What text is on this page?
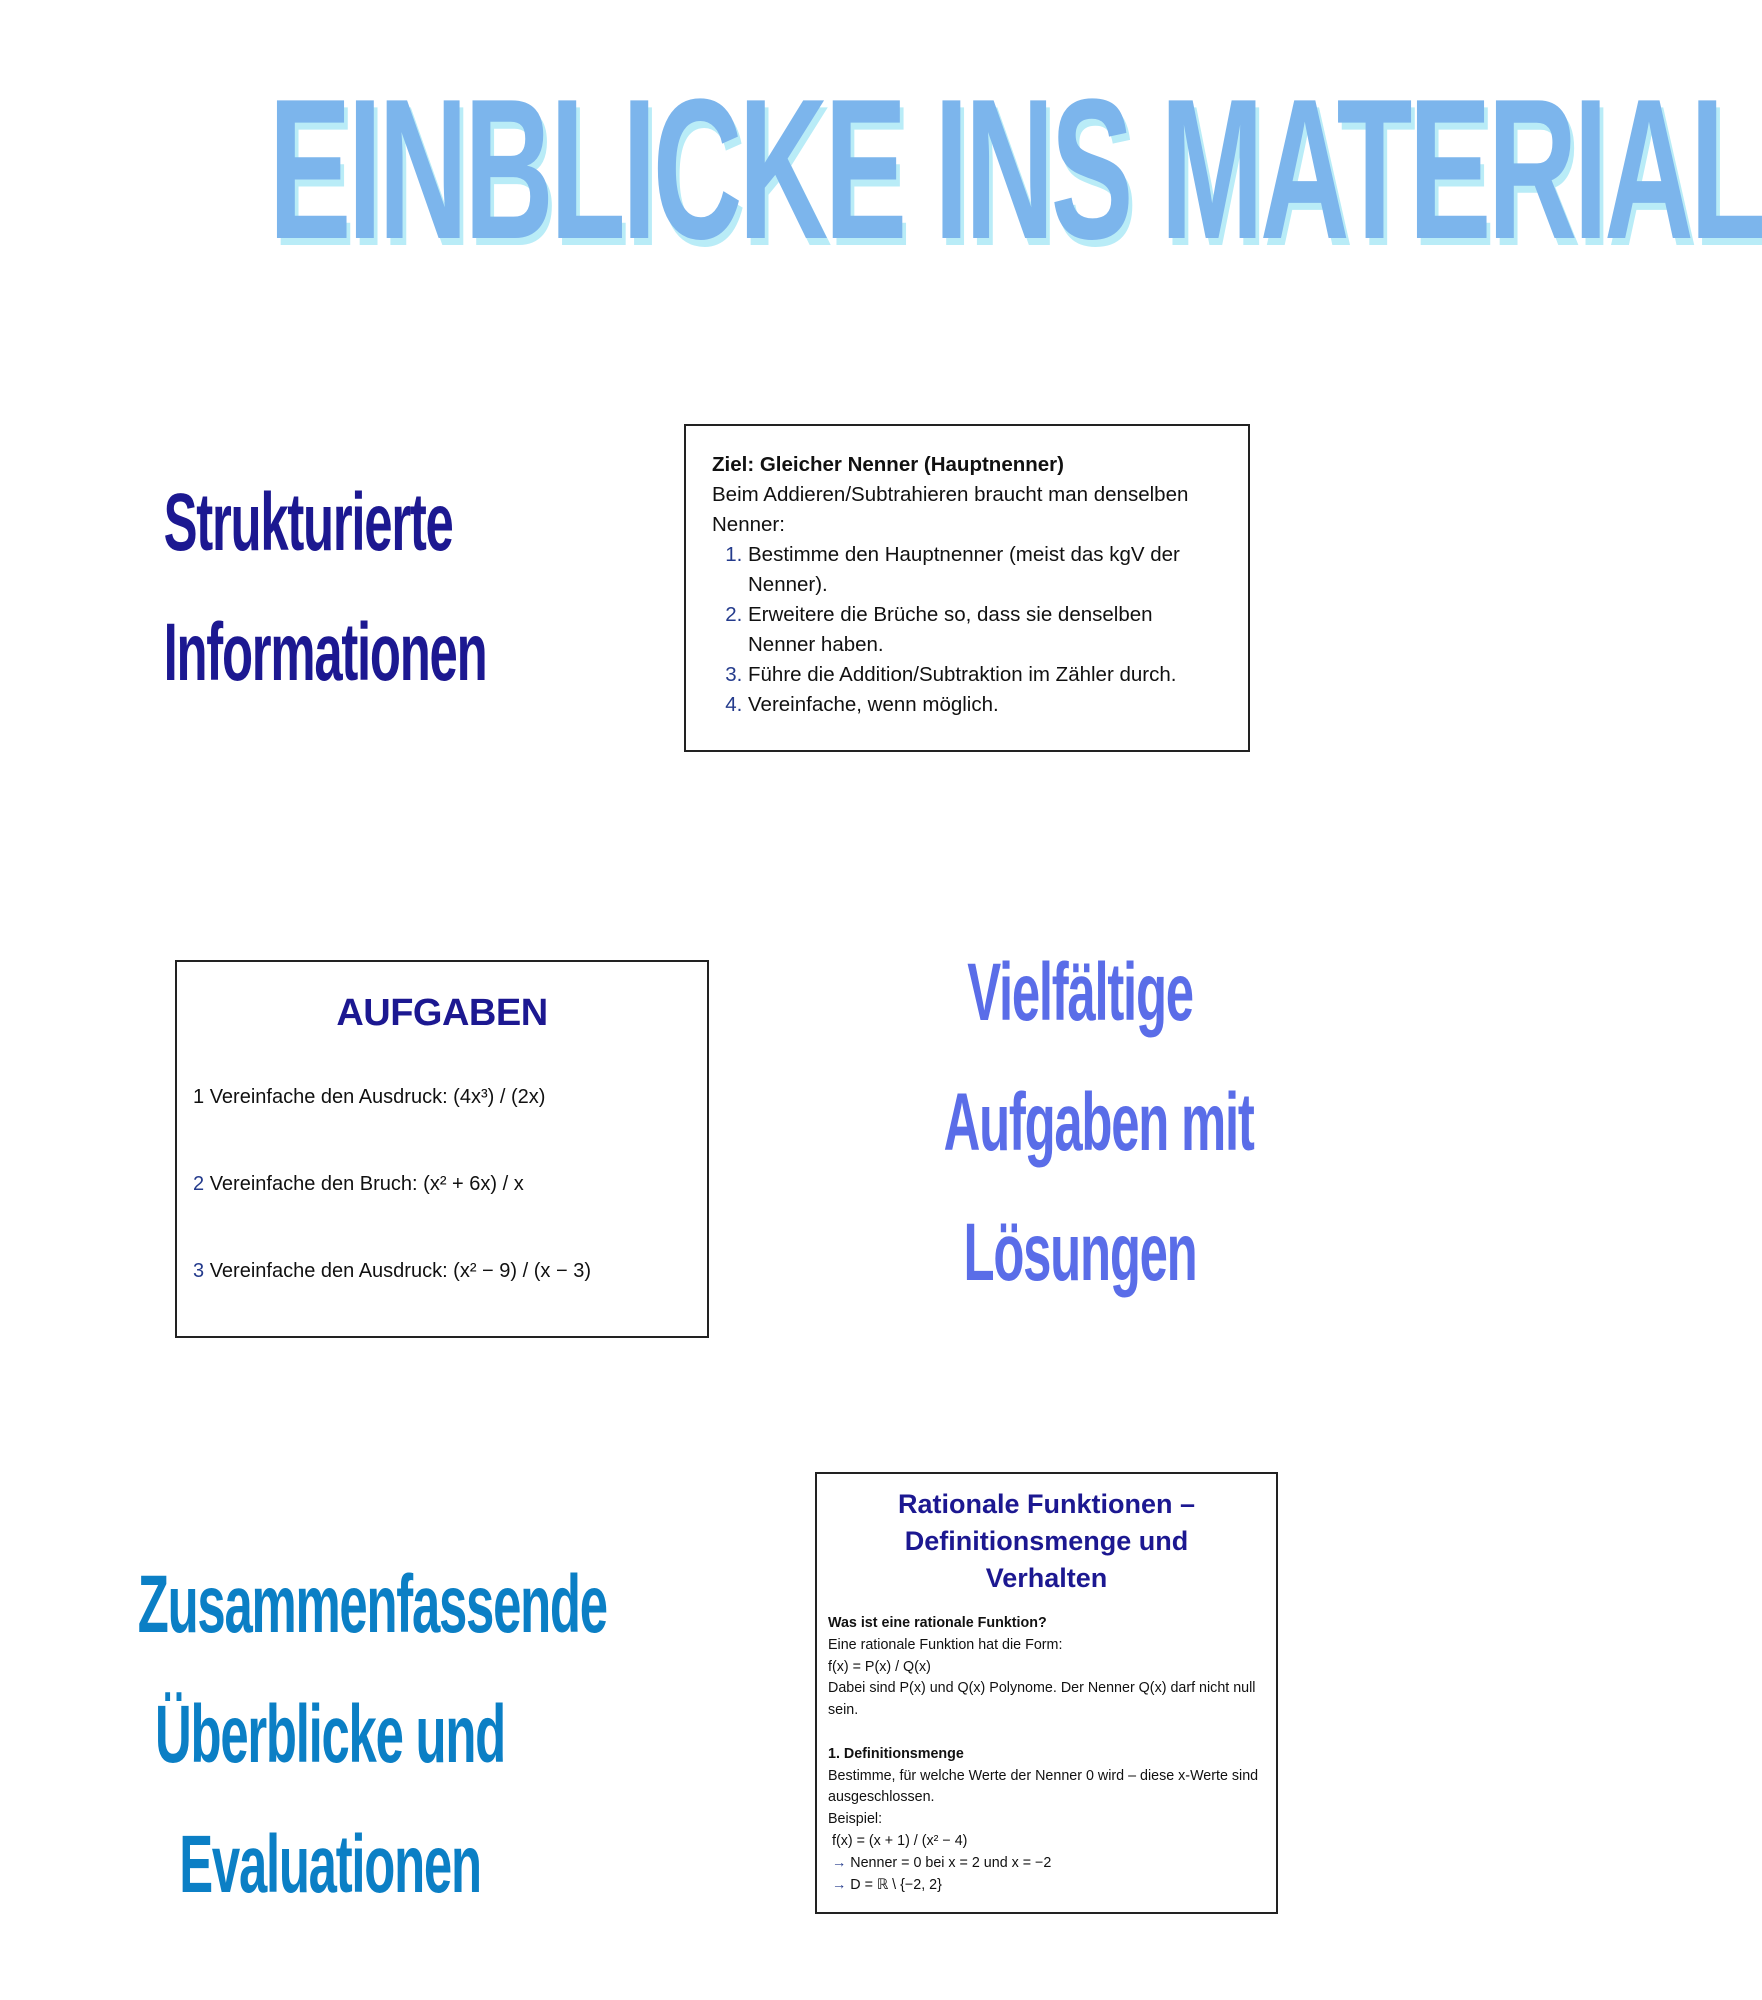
EINBLICKE INS MATERIAL
Strukturierte
Informationen
Ziel: Gleicher Nenner (Hauptnenner)
Beim Addieren/Subtrahieren braucht man denselben Nenner:
1. Bestimme den Hauptnenner (meist das kgV der Nenner).
2. Erweitere die Brüche so, dass sie denselben Nenner haben.
3. Führe die Addition/Subtraktion im Zähler durch.
4. Vereinfache, wenn möglich.
AUFGABEN
1 Vereinfache den Ausdruck: (4x³) / (2x)
2 Vereinfache den Bruch: (x² + 6x) / x
3 Vereinfache den Ausdruck: (x² − 9) / (x − 3)
Vielfältige
Aufgaben mit
Lösungen
Zusammenfassende
Überblicke und
Evaluationen
Rationale Funktionen –
Definitionsmenge und
Verhalten
Was ist eine rationale Funktion?
Eine rationale Funktion hat die Form:
f(x) = P(x) / Q(x)
Dabei sind P(x) und Q(x) Polynome. Der Nenner Q(x) darf nicht null sein.
1. Definitionsmenge
Bestimme, für welche Werte der Nenner 0 wird – diese x-Werte sind ausgeschlossen.
Beispiel:
f(x) = (x + 1) / (x² − 4)
→ Nenner = 0 bei x = 2 und x = −2
→ D = ℝ \ {−2, 2}
